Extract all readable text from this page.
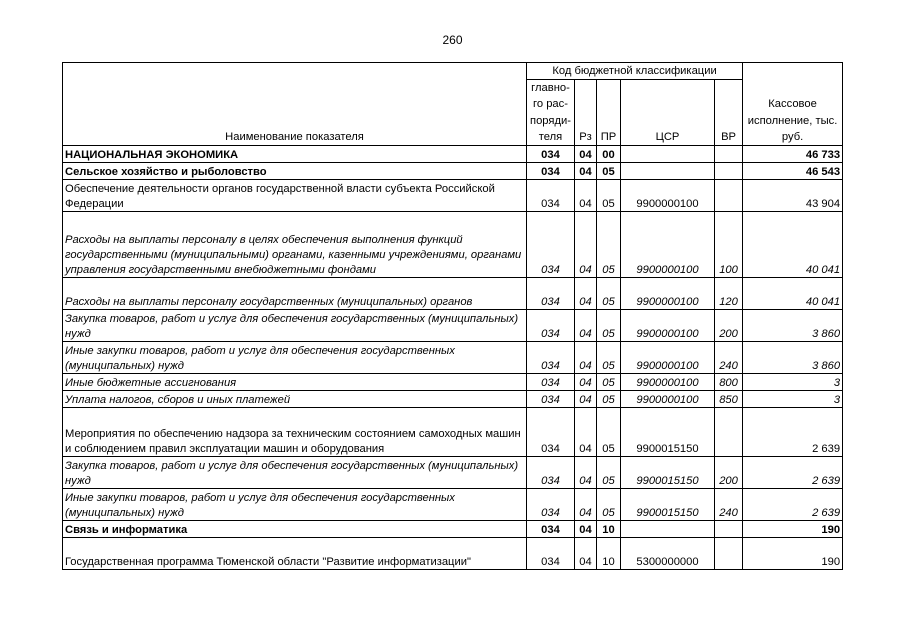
260
Наименование показателя	Код бюджетной классификации					Кассовое исполнение, тыс. руб.
	главно-го рас-поряди-теля	Рз	ПР	ЦСР	ВР	
НАЦИОНАЛЬНАЯ ЭКОНОМИКА	034	04	00			46 733
Сельское хозяйство и рыболовство	034	04	05			46 543
Обеспечение деятельности органов государственной власти субъекта Российской Федерации	034	04	05	9900000100		43 904
Расходы на выплаты персоналу в целях обеспечения выполнения функций государственными (муниципальными) органами, казенными учреждениями, органами управления государственными внебюджетными фондами	034	04	05	9900000100	100	40 041
Расходы на выплаты персоналу государственных (муниципальных) органов	034	04	05	9900000100	120	40 041
Закупка товаров, работ и услуг для обеспечения государственных (муниципальных) нужд	034	04	05	9900000100	200	3 860
Иные закупки товаров, работ и услуг для обеспечения государственных (муниципальных) нужд	034	04	05	9900000100	240	3 860
Иные бюджетные ассигнования	034	04	05	9900000100	800	3
Уплата налогов, сборов и иных платежей	034	04	05	9900000100	850	3
Мероприятия по обеспечению надзора за техническим состоянием самоходных машин и соблюдением правил эксплуатации машин и оборудования	034	04	05	9900015150		2 639
Закупка товаров, работ и услуг для обеспечения государственных (муниципальных) нужд	034	04	05	9900015150	200	2 639
Иные закупки товаров, работ и услуг для обеспечения государственных (муниципальных) нужд	034	04	05	9900015150	240	2 639
Связь и информатика	034	04	10			190
Государственная программа Тюменской области "Развитие информатизации"	034	04	10	5300000000		190
